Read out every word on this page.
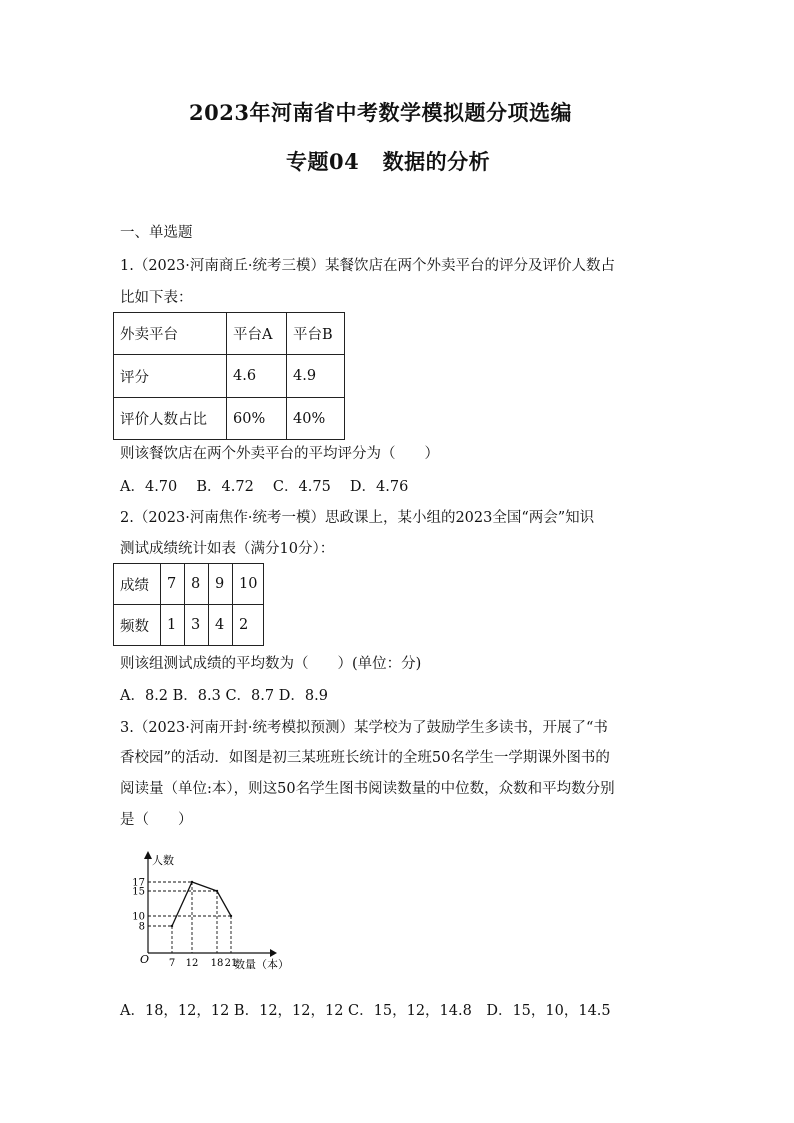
2023年河南省中考数学模拟题分项选编
专题04   数据的分析
一、单选题
1.（2023·河南商丘·统考三模）某餐饮店在两个外卖平台的评分及评价人数占
比如下表：
外卖平台	平台A	平台B
评分	4.6	4.9
评价人数占比	60%	40%
则该餐饮店在两个外卖平台的平均评分为（　　）
A．4.70　 B．4.72　 C．4.75　 D．4.76
2.（2023·河南焦作·统考一模）思政课上，某小组的2023全国“两会”知识
测试成绩统计如表（满分10分）：
成绩	7	8	9	10
频数	1	3	4	2
则该组测试成绩的平均数为（　　）(单位：分)
A．8.2 B．8.3 C．8.7 D．8.9
3.（2023·河南开封·统考模拟预测）某学校为了鼓励学生多读书，开展了“书
香校园”的活动．如图是初三某班班长统计的全班50名学生一学期课外图书的
阅读量（单位:本），则这50名学生图书阅读数量的中位数，众数和平均数分别
是（　　）
7 12 18 21
8
10
15
17
人数
数量（本）
O
A．18，12，12 B．12，12，12 C．15，12，14.8　D．15，10，14.5
